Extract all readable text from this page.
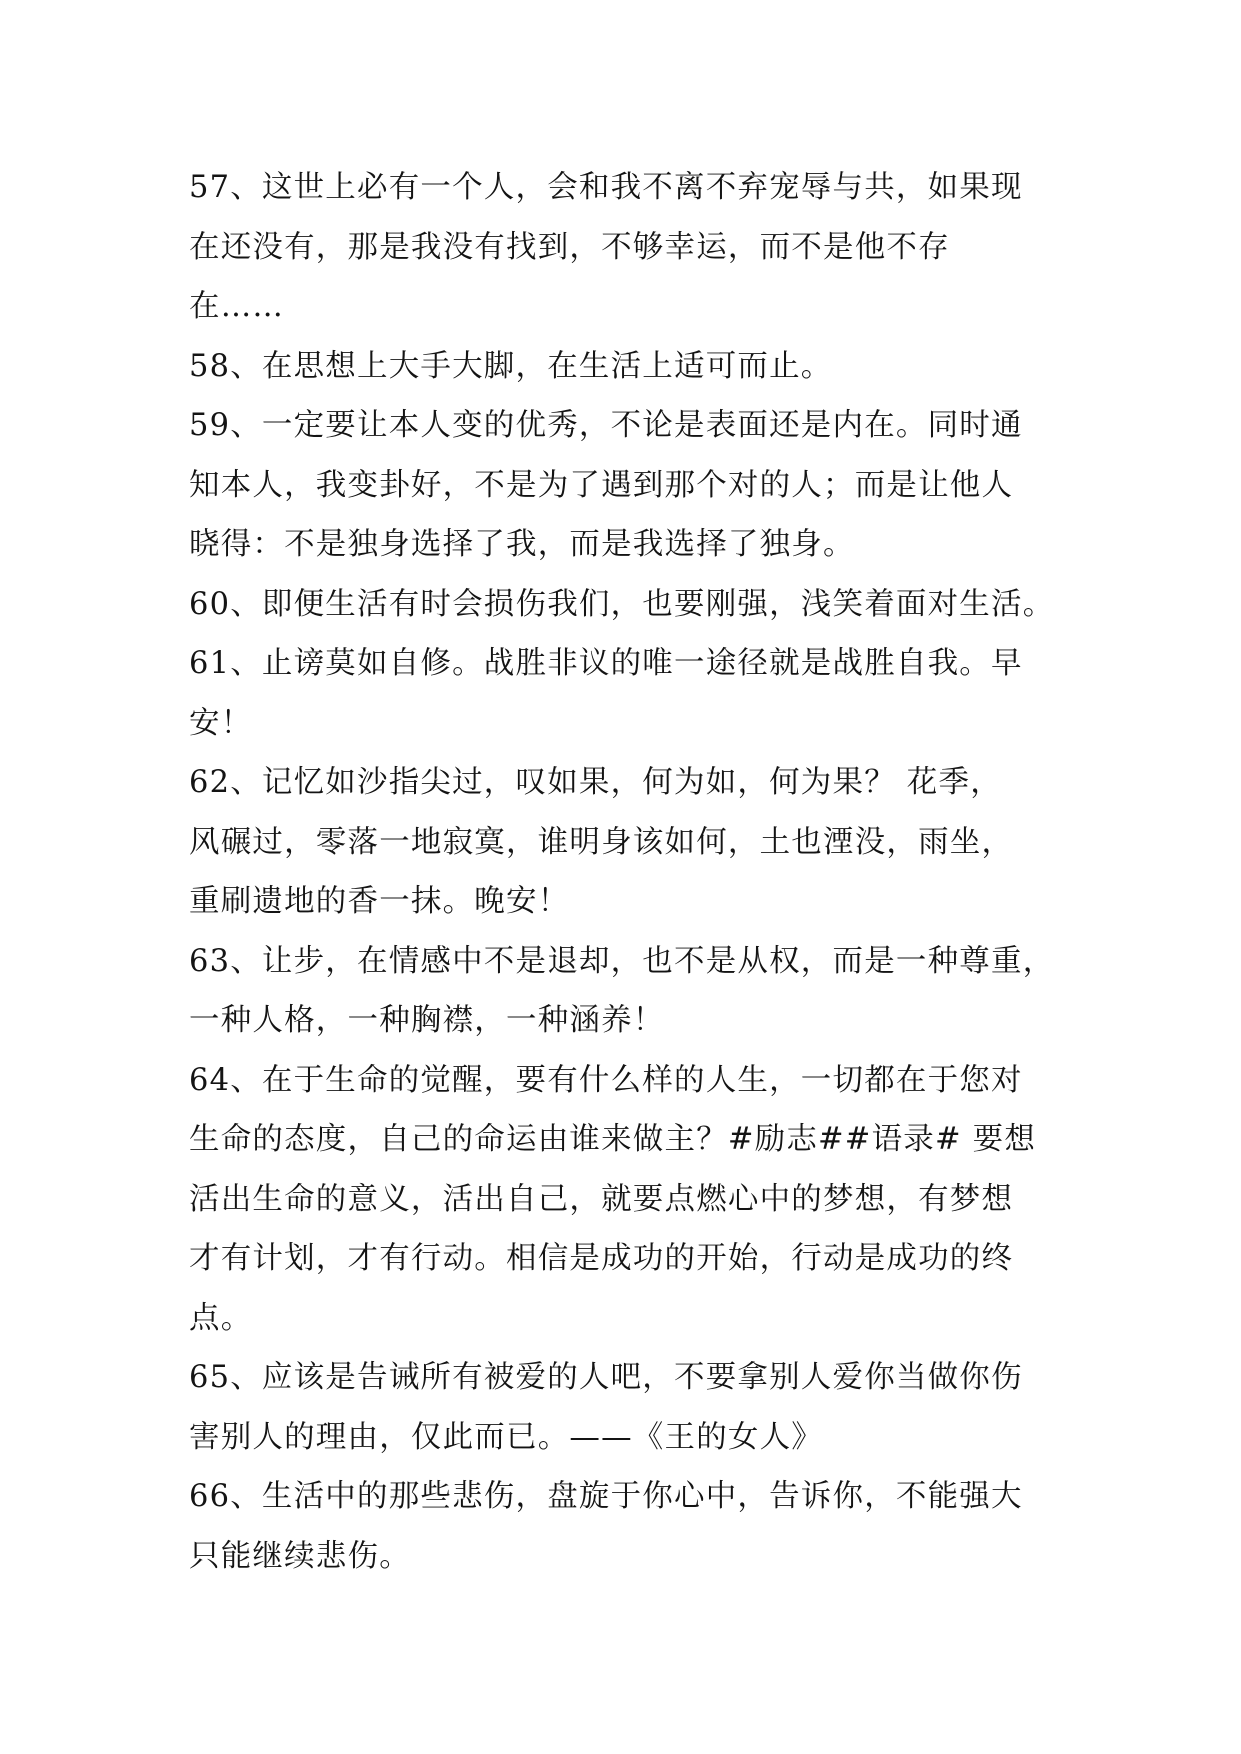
57、这世上必有一个人，会和我不离不弃宠辱与共，如果现
在还没有，那是我没有找到，不够幸运，而不是他不存
在……
58、在思想上大手大脚，在生活上适可而止。
59、一定要让本人变的优秀，不论是表面还是内在。同时通
知本人，我变卦好，不是为了遇到那个对的人；而是让他人
晓得：不是独身选择了我，而是我选择了独身。
60、即便生活有时会损伤我们，也要刚强，浅笑着面对生活。
61、止谤莫如自修。战胜非议的唯一途径就是战胜自我。早
安！
62、记忆如沙指尖过，叹如果，何为如，何为果？ 花季，
风碾过，零落一地寂寞，谁明身该如何，土也湮没，雨坐，
重刷遗地的香一抹。晚安！
63、让步，在情感中不是退却，也不是从权，而是一种尊重，
一种人格，一种胸襟，一种涵养！
64、在于生命的觉醒，要有什么样的人生，一切都在于您对
生命的态度，自己的命运由谁来做主？#励志##语录# 要想
活出生命的意义，活出自己，就要点燃心中的梦想，有梦想
才有计划，才有行动。相信是成功的开始，行动是成功的终
点。
65、应该是告诫所有被爱的人吧，不要拿别人爱你当做你伤
害别人的理由，仅此而已。——《王的女人》
66、生活中的那些悲伤，盘旋于你心中，告诉你，不能强大
只能继续悲伤。
